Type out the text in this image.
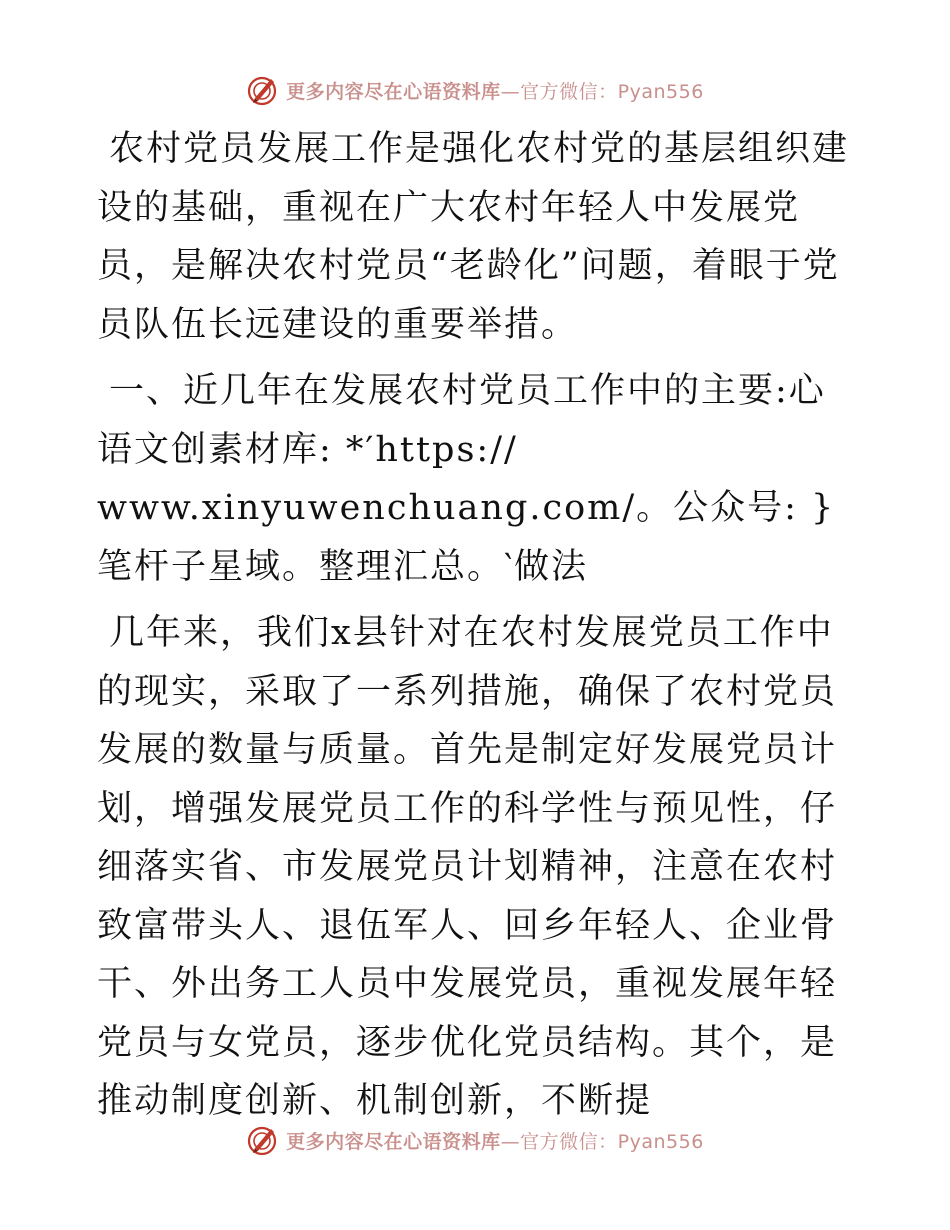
更多内容尽在心语资料库—官方微信：Pyan556

农村党员发展工作是强化农村党的基层组织建设的基础，重视在广大农村年轻人中发展党员，是解决农村党员“老龄化”问题，着眼于党员队伍长远建设的重要举措。

一、近几年在发展农村党员工作中的主要:心语文创素材库: *′https://
www.xinyuwenchuang.com/。公众号: }笔杆子星域。整理汇总。‵做法

几年来，我们x县针对在农村发展党员工作中的现实，采取了一系列措施，确保了农村党员发展的数量与质量。首先是制定好发展党员计划，增强发展党员工作的科学性与预见性，仔细落实省、市发展党员计划精神，注意在农村致富带头人、退伍军人、回乡年轻人、企业骨干、外出务工人员中发展党员，重视发展年轻党员与女党员，逐步优化党员结构。其个，是推动制度创新、机制创新，不断提

更多内容尽在心语资料库—官方微信：Pyan556
